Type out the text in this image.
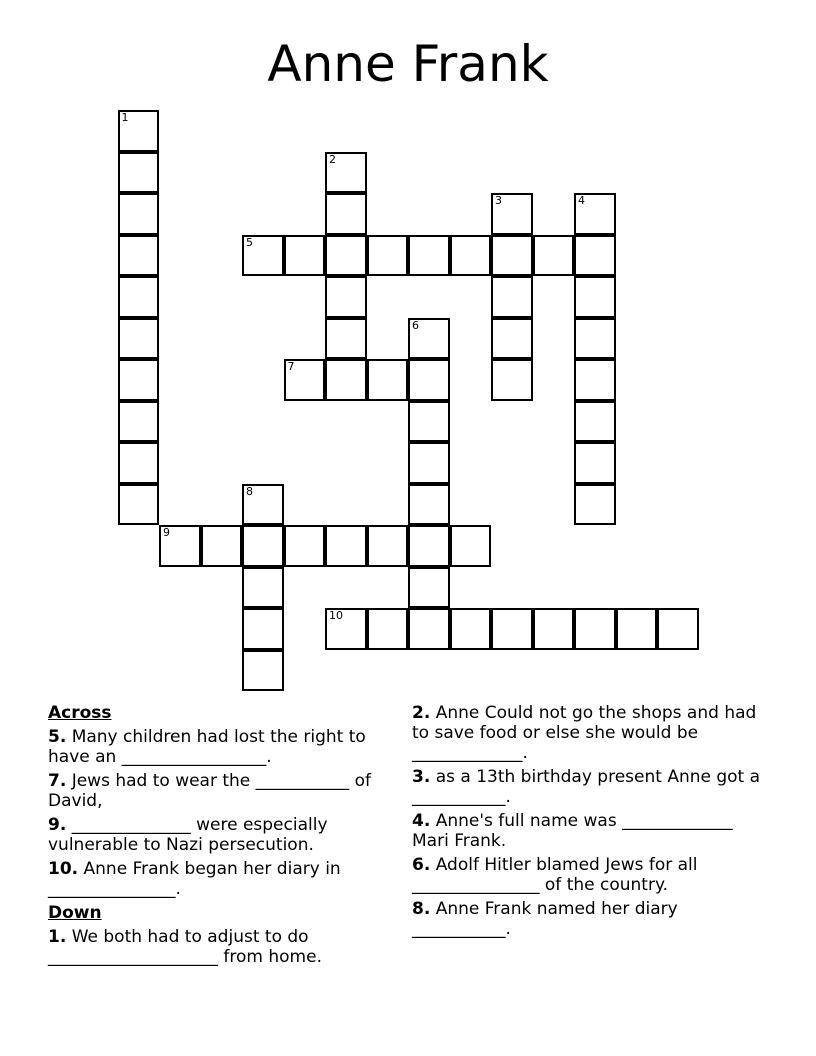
Anne Frank
1
2
3	4
5
6
7
8
9
10
Across
5. Many children had lost the right to have an _________________.
7. Jews had to wear the ___________ of David,
9. ______________ were especially vulnerable to Nazi persecution.
10. Anne Frank began her diary in _______________.
Down
1. We both had to adjust to do ____________________ from home.
2. Anne Could not go the shops and had to save food or else she would be _____________.
3. as a 13th birthday present Anne got a ___________.
4. Anne's full name was _____________ Mari Frank.
6. Adolf Hitler blamed Jews for all _______________ of the country.
8. Anne Frank named her diary ___________.
